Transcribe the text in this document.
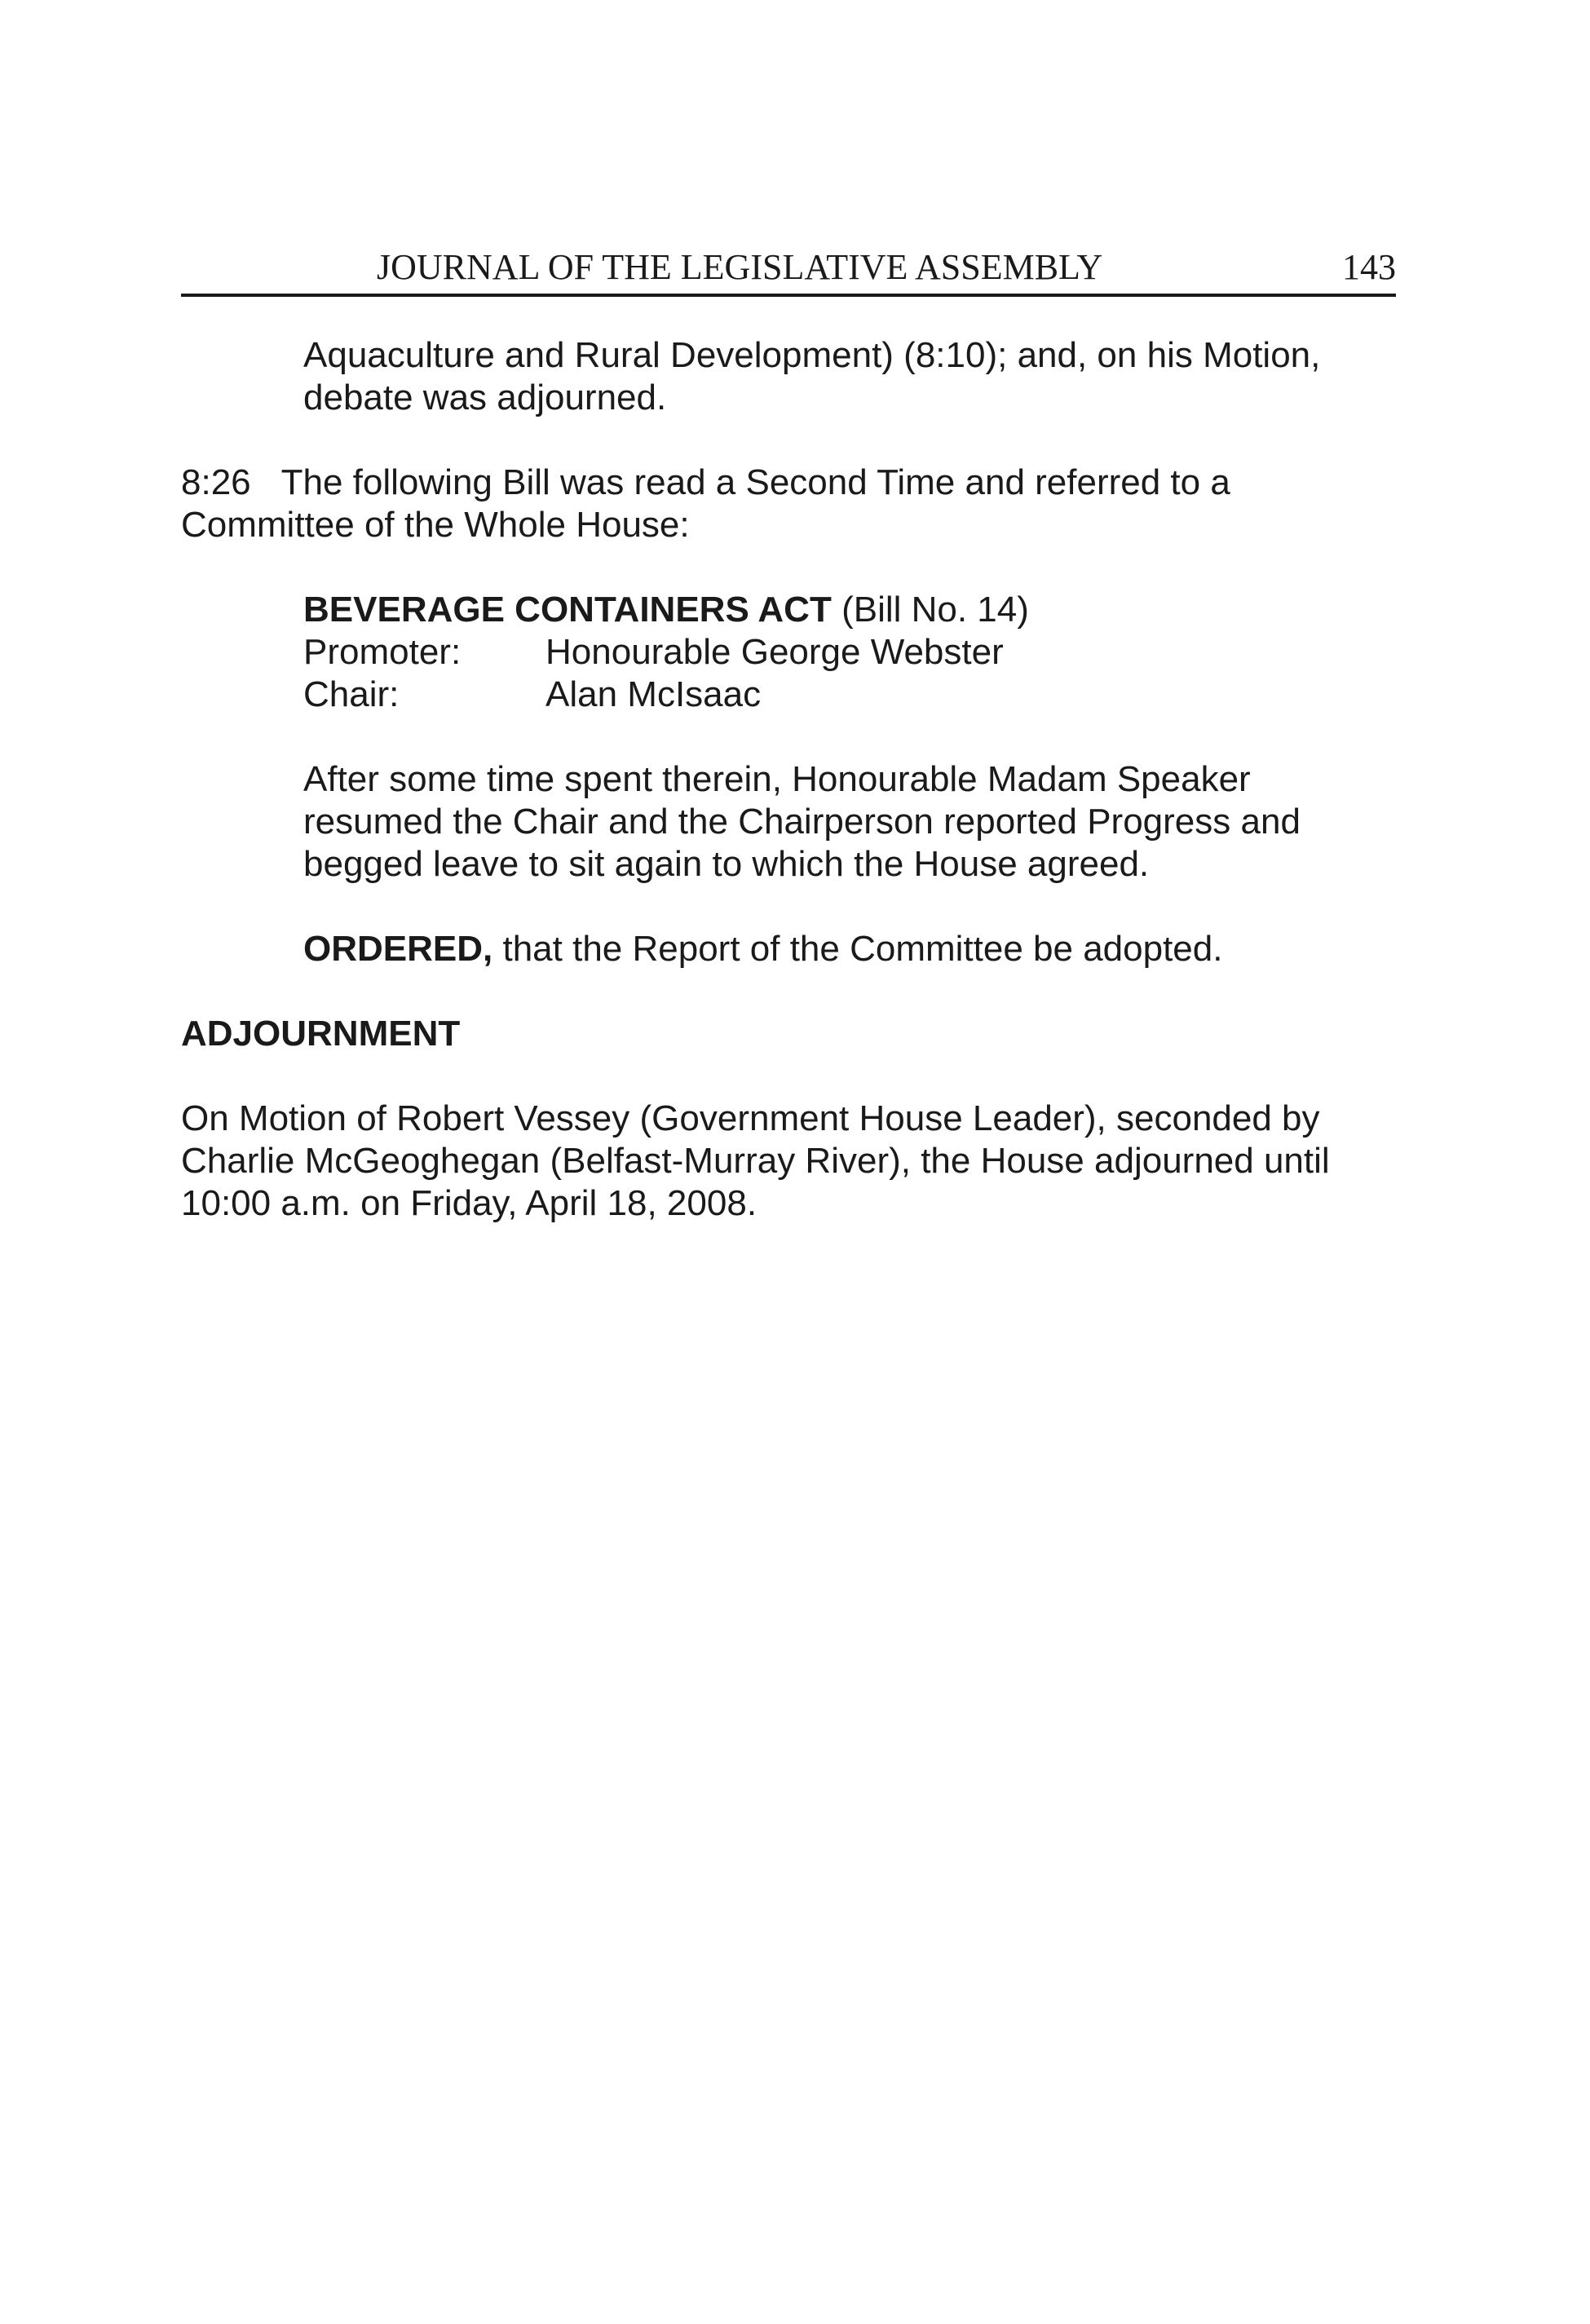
JOURNAL OF THE LEGISLATIVE ASSEMBLY	143
Aquaculture and Rural Development) (8:10); and, on his Motion,
debate was adjourned.
8:26 The following Bill was read a Second Time and referred to a
Committee of the Whole House:
BEVERAGE CONTAINERS ACT (Bill No. 14)
Promoter:	Honourable George Webster
Chair:	Alan McIsaac
After some time spent therein, Honourable Madam Speaker
resumed the Chair and the Chairperson reported Progress and
begged leave to sit again to which the House agreed.
ORDERED, that the Report of the Committee be adopted.
ADJOURNMENT
On Motion of Robert Vessey (Government House Leader), seconded by
Charlie McGeoghegan (Belfast-Murray River), the House adjourned until
10:00 a.m. on Friday, April 18, 2008.
